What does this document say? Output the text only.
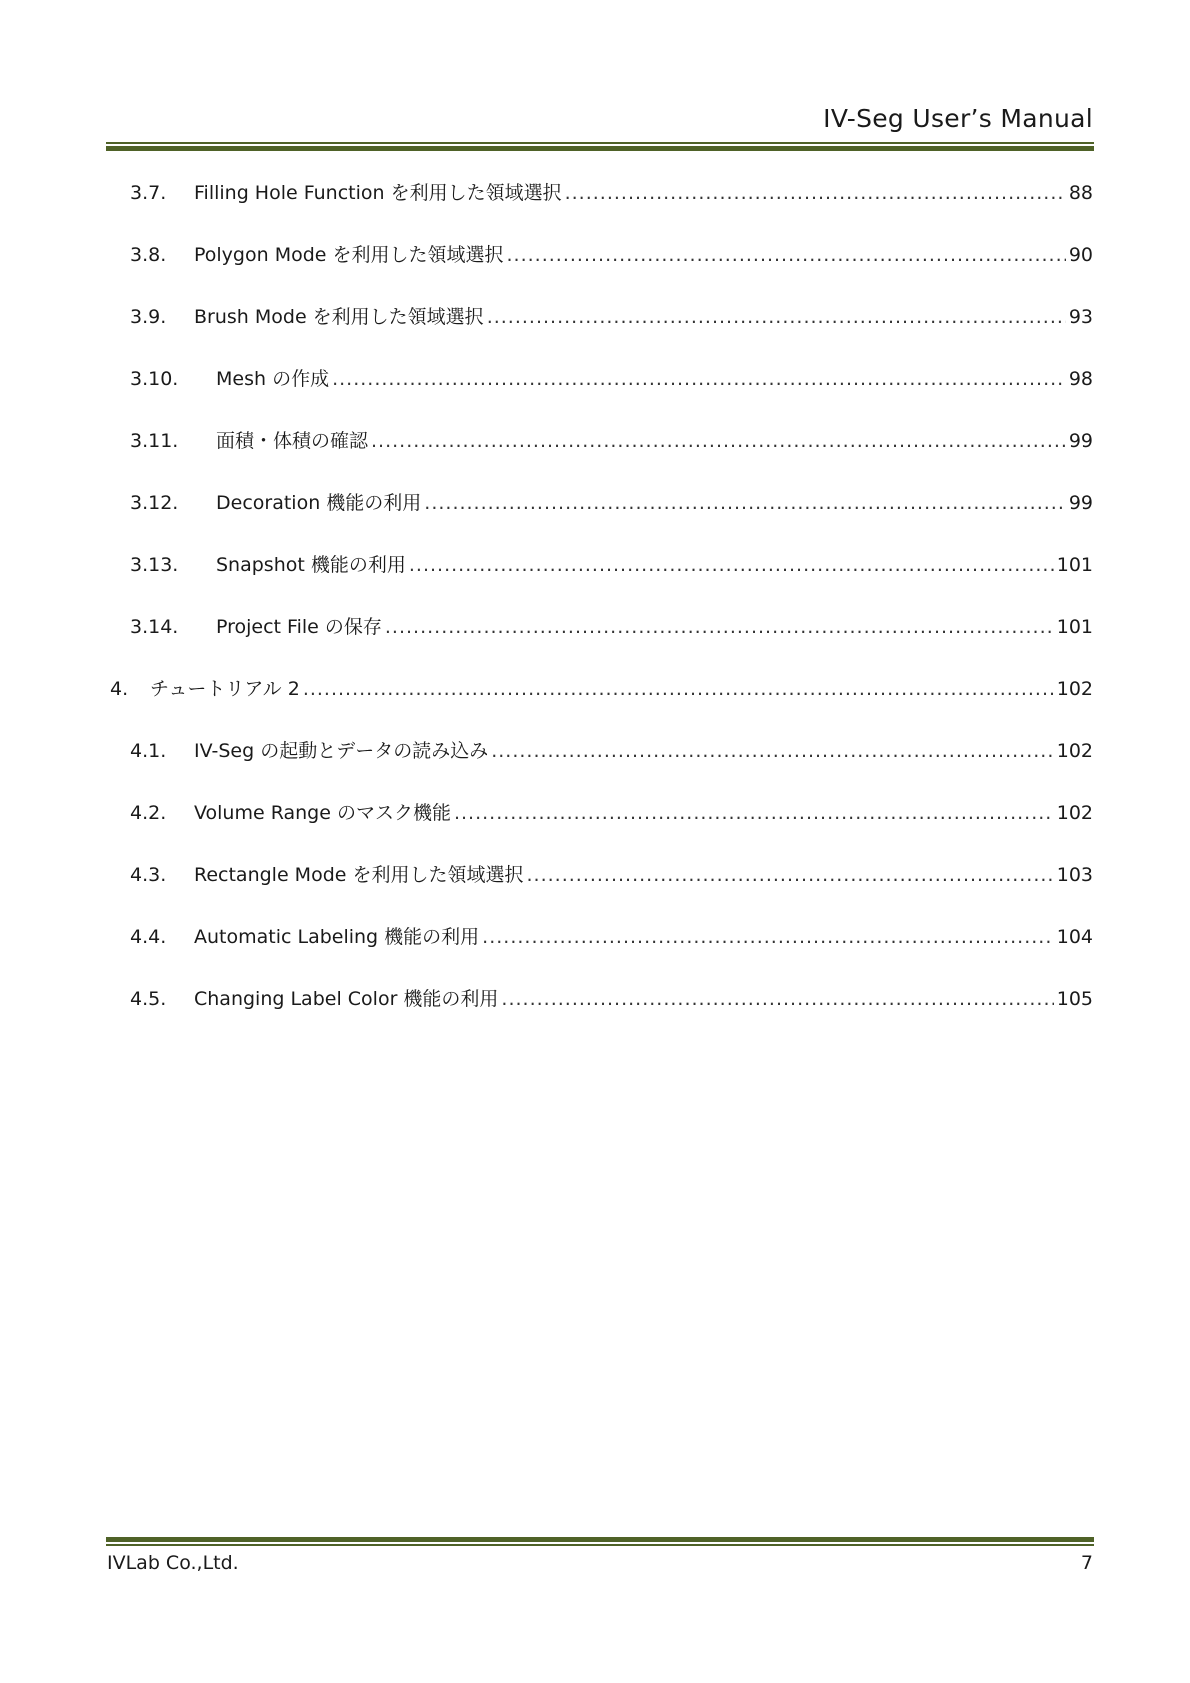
IV-Seg User’s Manual
3.7.	Filling Hole Function を利用した領域選択 .....	88
3.8.	Polygon Mode を利用した領域選択 .....	90
3.9.	Brush Mode を利用した領域選択 .....	93
3.10.	Mesh の作成 .....	98
3.11.	面積・体積の確認 .....	99
3.12.	Decoration 機能の利用 .....	99
3.13.	Snapshot 機能の利用 .....	101
3.14.	Project File の保存 .....	101
4.	チュートリアル 2 .....	102
4.1.	IV-Seg の起動とデータの読み込み .....	102
4.2.	Volume Range のマスク機能 .....	102
4.3.	Rectangle Mode を利用した領域選択 .....	103
4.4.	Automatic Labeling 機能の利用 .....	104
4.5.	Changing Label Color 機能の利用 .....	105
IVLab Co.,Ltd.	7
